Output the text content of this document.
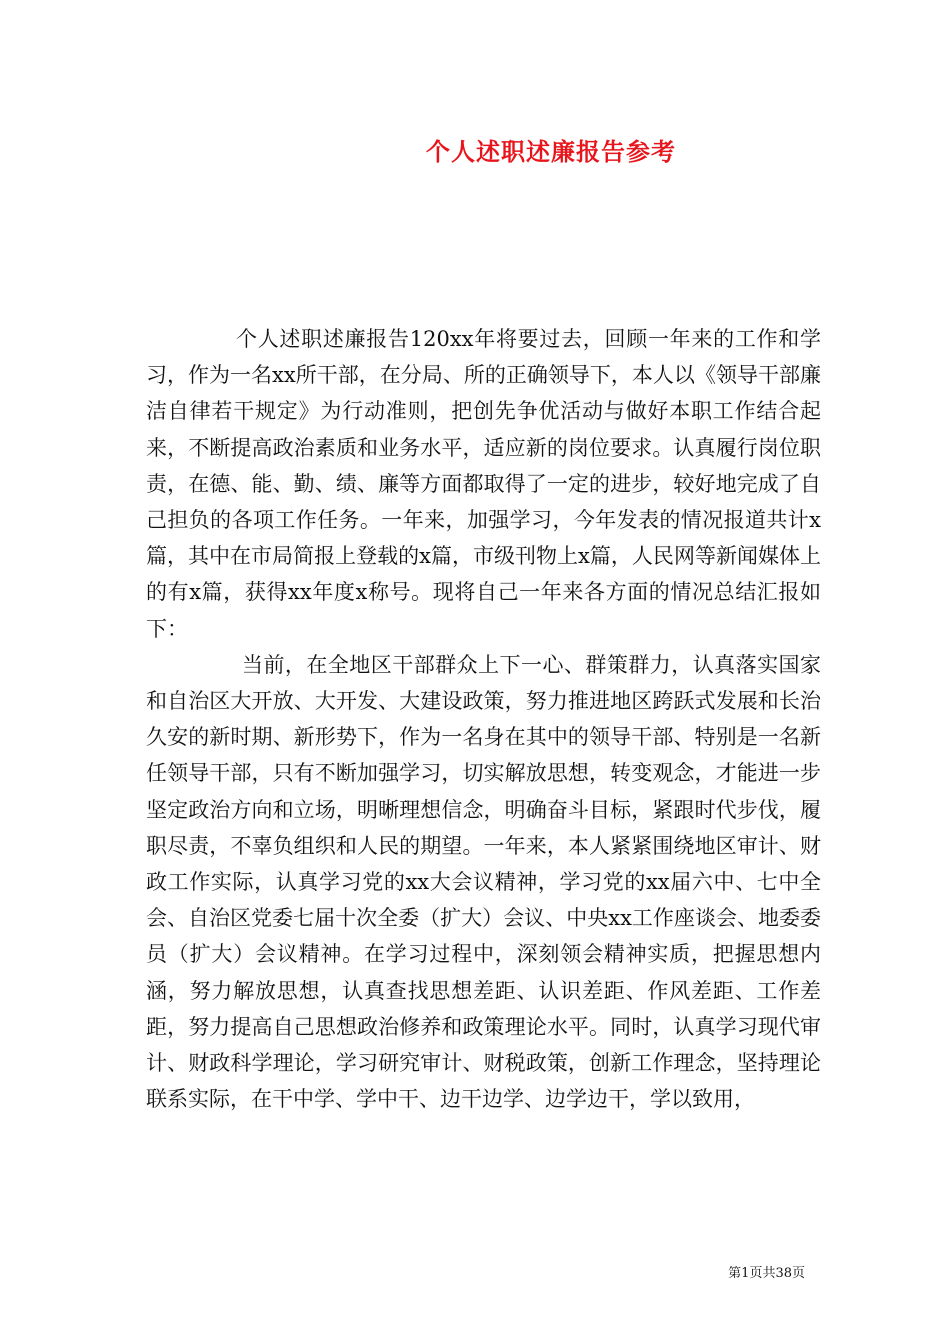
个人述职述廉报告参考

个人述职述廉报告120xx年将要过去，回顾一年来的工作和学习，作为一名xx所干部，在分局、所的正确领导下，本人以《领导干部廉洁自律若干规定》为行动准则，把创先争优活动与做好本职工作结合起来，不断提高政治素质和业务水平，适应新的岗位要求。认真履行岗位职责，在德、能、勤、绩、廉等方面都取得了一定的进步，较好地完成了自己担负的各项工作任务。一年来，加强学习，今年发表的情况报道共计x篇，其中在市局简报上登载的x篇，市级刊物上x篇，人民网等新闻媒体上的有x篇，获得xx年度x称号。现将自己一年来各方面的情况总结汇报如下：

当前，在全地区干部群众上下一心、群策群力，认真落实国家和自治区大开放、大开发、大建设政策，努力推进地区跨跃式发展和长治久安的新时期、新形势下，作为一名身在其中的领导干部、特别是一名新任领导干部，只有不断加强学习，切实解放思想，转变观念，才能进一步坚定政治方向和立场，明晰理想信念，明确奋斗目标，紧跟时代步伐，履职尽责，不辜负组织和人民的期望。一年来，本人紧紧围绕地区审计、财政工作实际，认真学习党的xx大会议精神，学习党的xx届六中、七中全会、自治区党委七届十次全委（扩大）会议、中央xx工作座谈会、地委委员（扩大）会议精神。在学习过程中，深刻领会精神实质，把握思想内涵，努力解放思想，认真查找思想差距、认识差距、作风差距、工作差距，努力提高自己思想政治修养和政策理论水平。同时，认真学习现代审计、财政科学理论，学习研究审计、财税政策，创新工作理念，坚持理论联系实际，在干中学、学中干、边干边学、边学边干，学以致用，

第1页共38页
